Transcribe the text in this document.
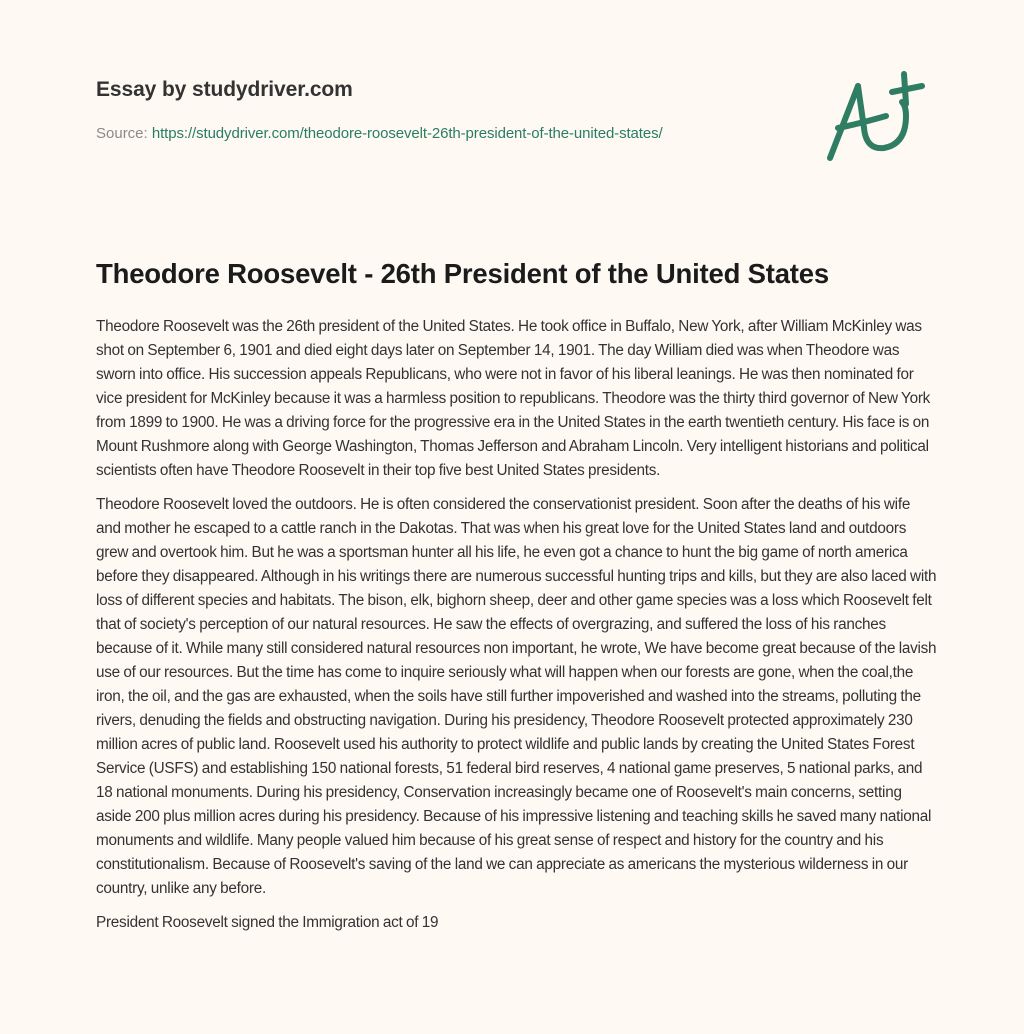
Essay by studydriver.com
Source: https://studydriver.com/theodore-roosevelt-26th-president-of-the-united-states/
Theodore Roosevelt - 26th President of the United States

Theodore Roosevelt was the 26th president of the United States. He took office in Buffalo, New York, after William McKinley was shot on September 6, 1901 and died eight days later on September 14, 1901. The day William died was when Theodore was sworn into office. His succession appeals Republicans, who were not in favor of his liberal leanings. He was then nominated for vice president for McKinley because it was a harmless position to republicans. Theodore was the thirty third governor of New York from 1899 to 1900. He was a driving force for the progressive era in the United States in the earth twentieth century. His face is on Mount Rushmore along with George Washington, Thomas Jefferson and Abraham Lincoln. Very intelligent historians and political scientists often have Theodore Roosevelt in their top five best United States presidents.

Theodore Roosevelt loved the outdoors. He is often considered the conservationist president. Soon after the deaths of his wife and mother he escaped to a cattle ranch in the Dakotas. That was when his great love for the United States land and outdoors grew and overtook him. But he was a sportsman hunter all his life, he even got a chance to hunt the big game of north america before they disappeared. Although in his writings there are numerous successful hunting trips and kills, but they are also laced with loss of different species and habitats. The bison, elk, bighorn sheep, deer and other game species was a loss which Roosevelt felt that of society's perception of our natural resources. He saw the effects of overgrazing, and suffered the loss of his ranches because of it. While many still considered natural resources non important, he wrote, We have become great because of the lavish use of our resources. But the time has come to inquire seriously what will happen when our forests are gone, when the coal,the iron, the oil, and the gas are exhausted, when the soils have still further impoverished and washed into the streams, polluting the rivers, denuding the fields and obstructing navigation. During his presidency, Theodore Roosevelt protected approximately 230 million acres of public land. Roosevelt used his authority to protect wildlife and public lands by creating the United States Forest Service (USFS) and establishing 150 national forests, 51 federal bird reserves, 4 national game preserves, 5 national parks, and 18 national monuments. During his presidency, Conservation increasingly became one of Roosevelt's main concerns, setting aside 200 plus million acres during his presidency. Because of his impressive listening and teaching skills he saved many national monuments and wildlife. Many people valued him because of his great sense of respect and history for the country and his constitutionalism. Because of Roosevelt's saving of the land we can appreciate as americans the mysterious wilderness in our country, unlike any before.

President Roosevelt signed the Immigration act of 19
